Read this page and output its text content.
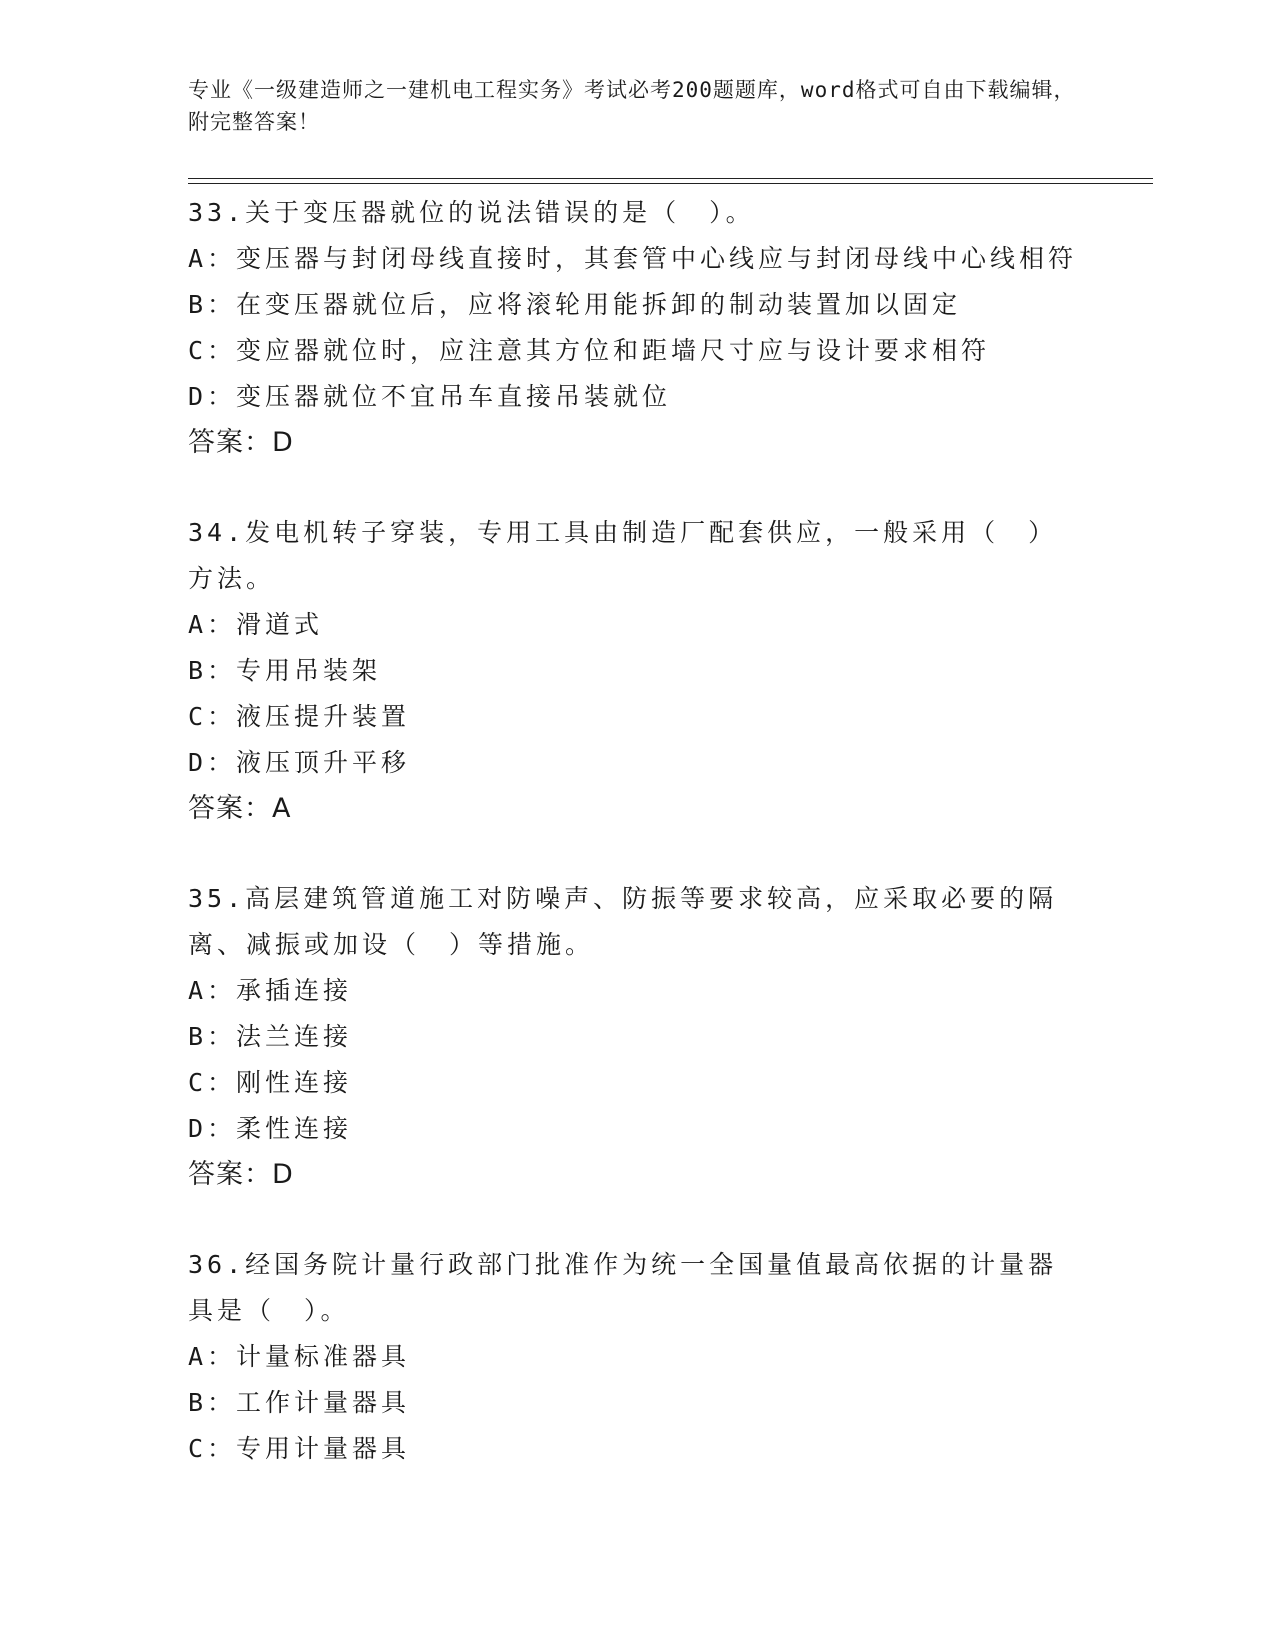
专业《一级建造师之一建机电工程实务》考试必考200题题库，word格式可自由下载编辑，附完整答案！

33.关于变压器就位的说法错误的是（　）。

A：变压器与封闭母线直接时，其套管中心线应与封闭母线中心线相符

B：在变压器就位后，应将滚轮用能拆卸的制动装置加以固定

C：变应器就位时，应注意其方位和距墙尺寸应与设计要求相符

D：变压器就位不宜吊车直接吊装就位

答案：D

34.发电机转子穿装，专用工具由制造厂配套供应，一般采用（　）方法。

A：滑道式

B：专用吊装架

C：液压提升装置

D：液压顶升平移

答案：A

35.高层建筑管道施工对防噪声、防振等要求较高，应采取必要的隔离、减振或加设（　）等措施。

A：承插连接

B：法兰连接

C：刚性连接

D：柔性连接

答案：D

36.经国务院计量行政部门批准作为统一全国量值最高依据的计量器具是（　）。

A：计量标准器具

B：工作计量器具

C：专用计量器具
